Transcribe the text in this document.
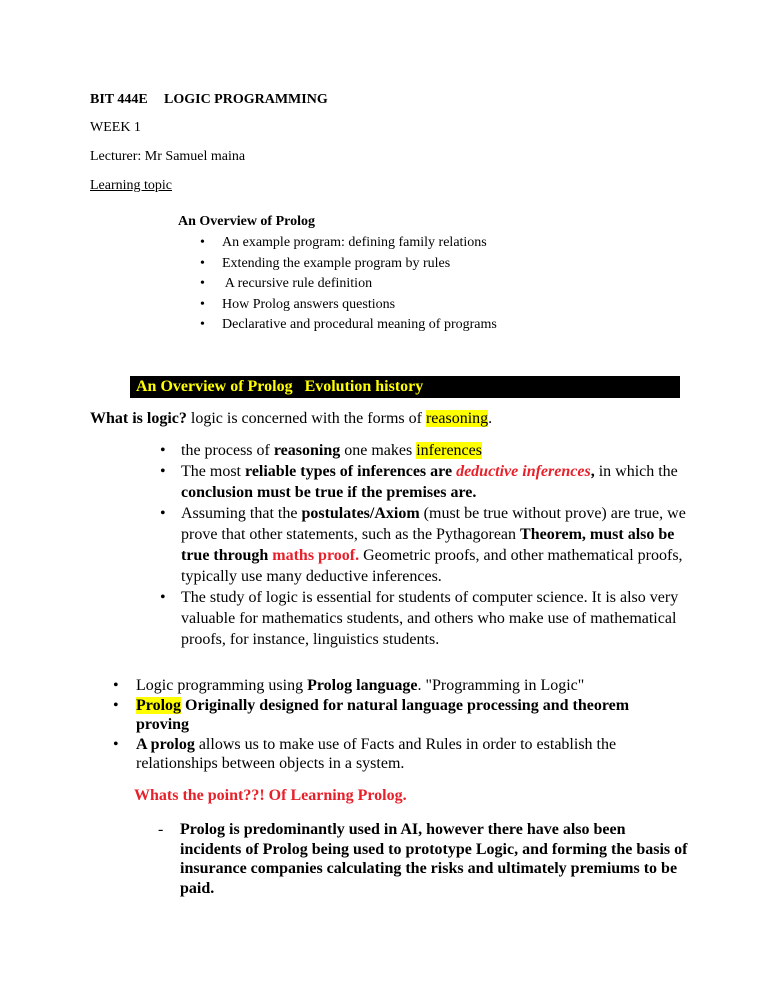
BIT 444E LOGIC PROGRAMMING
WEEK 1
Lecturer: Mr Samuel maina
Learning topic
An Overview of Prolog
• An example program: defining family relations
• Extending the example program by rules
•  A recursive rule definition
• How Prolog answers questions
• Declarative and procedural meaning of programs
An Overview of Prolog   Evolution history
What is logic? logic is concerned with the forms of reasoning.
• the process of reasoning one makes inferences
• The most reliable types of inferences are deductive inferences, in which the conclusion must be true if the premises are.
• Assuming that the postulates/Axiom (must be true without prove) are true, we prove that other statements, such as the Pythagorean Theorem, must also be true through maths proof. Geometric proofs, and other mathematical proofs, typically use many deductive inferences.
• The study of logic is essential for students of computer science. It is also very valuable for mathematics students, and others who make use of mathematical proofs, for instance, linguistics students.
• Logic programming using Prolog language. "Programming in Logic"
• Prolog Originally designed for natural language processing and theorem proving
• A prolog allows us to make use of Facts and Rules in order to establish the relationships between objects in a system.
Whats the point??! Of Learning Prolog.
- Prolog is predominantly used in AI, however there have also been incidents of Prolog being used to prototype Logic, and forming the basis of insurance companies calculating the risks and ultimately premiums to be paid.
